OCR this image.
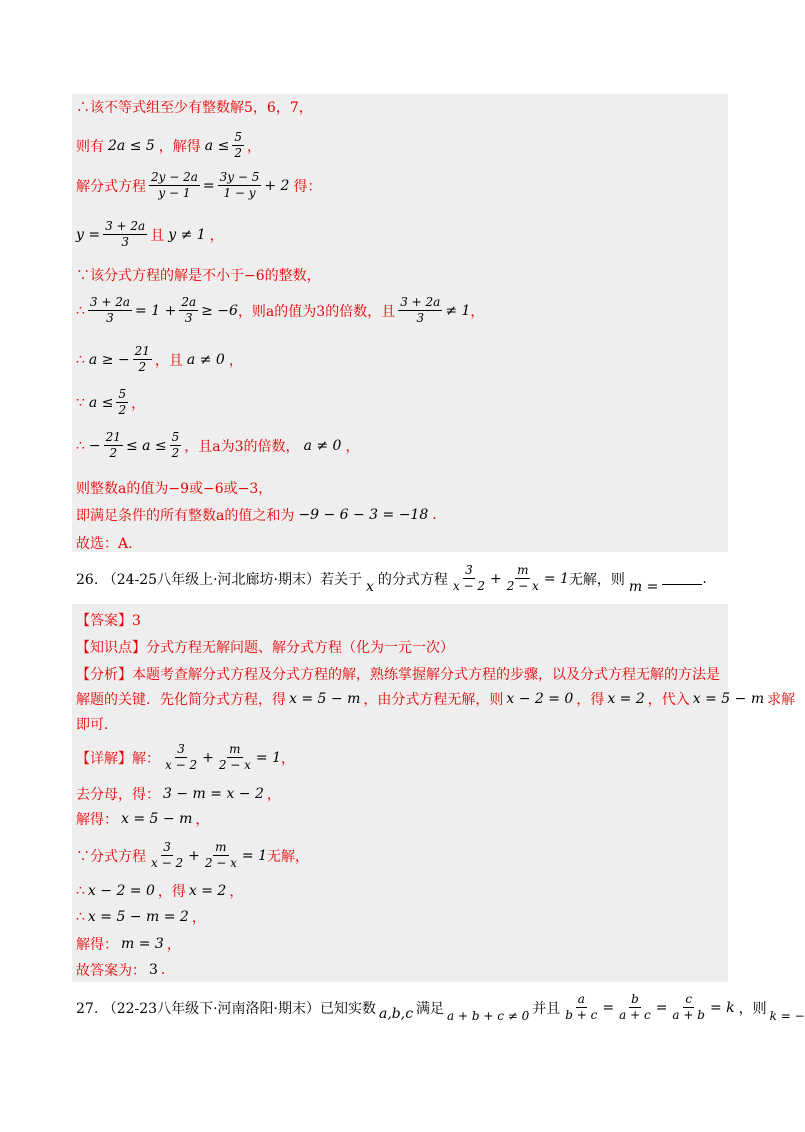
∴该不等式组至少有整数解5，6，7，
则有 2a ≤ 5 ，解得 $a \le \frac{5}{2}$ ，
解分式方程 $\frac{2y - 2a}{y - 1} = \frac{3y - 5}{1 - y} + 2$ 得：
$y = \frac{3 + 2a}{3}$ 且 y ≠ 1 ，
∵该分式方程的解是不小于−6的整数，
∴ $\frac{3 + 2a}{3} = 1 + \frac{2a}{3} \ge -6$ ，则a的值为3的倍数，且 $\frac{3 + 2a}{3} \ne 1$ ，
∴ a ≥ − $\frac{21}{2}$ ，且 a ≠ 0 ，
∵ $a \le \frac{5}{2}$ ，
∴ − $\frac{21}{2} \le a \le \frac{5}{2}$ ，且a为3的倍数， a ≠ 0 ，
则整数a的值为−9或−6或−3，
即满足条件的所有整数a的值之和为 −9 − 6 − 3 = −18 .
故选：A.
26. （24-25八年级上·河北廊坊·期末）若关于 x 的分式方程 $\frac{3}{x - 2} + \frac{m}{2 - x} = 1$ 无解，则 m =	.
【答案】3
【知识点】分式方程无解问题、解分式方程（化为一元一次）
【分析】本题考查解分式方程及分式方程的解，熟练掌握解分式方程的步骤，以及分式方程无解的方法是
解题的关键．先化简分式方程，得 x = 5 − m ，由分式方程无解，则 x − 2 = 0 ，得 x = 2 ，代入 x = 5 − m 求解
即可．
【详解】解： $\frac{3}{x - 2} + \frac{m}{2 - x} = 1$ ，
去分母，得： 3 − m = x − 2 ，
解得： x = 5 − m ，
∵分式方程 $\frac{3}{x - 2} + \frac{m}{2 - x} = 1$ 无解，
∴ x − 2 = 0 ，得 x = 2 ，
∴ x = 5 − m = 2 ，
解得： m = 3 ，
故答案为： 3 .
27. （22-23八年级下·河南洛阳·期末）已知实数 a,b,c 满足 a + b + c ≠ 0 并且 $\frac{a}{b + c} = \frac{b}{a + c} = \frac{c}{a + b} = k$ ，则 k = −
